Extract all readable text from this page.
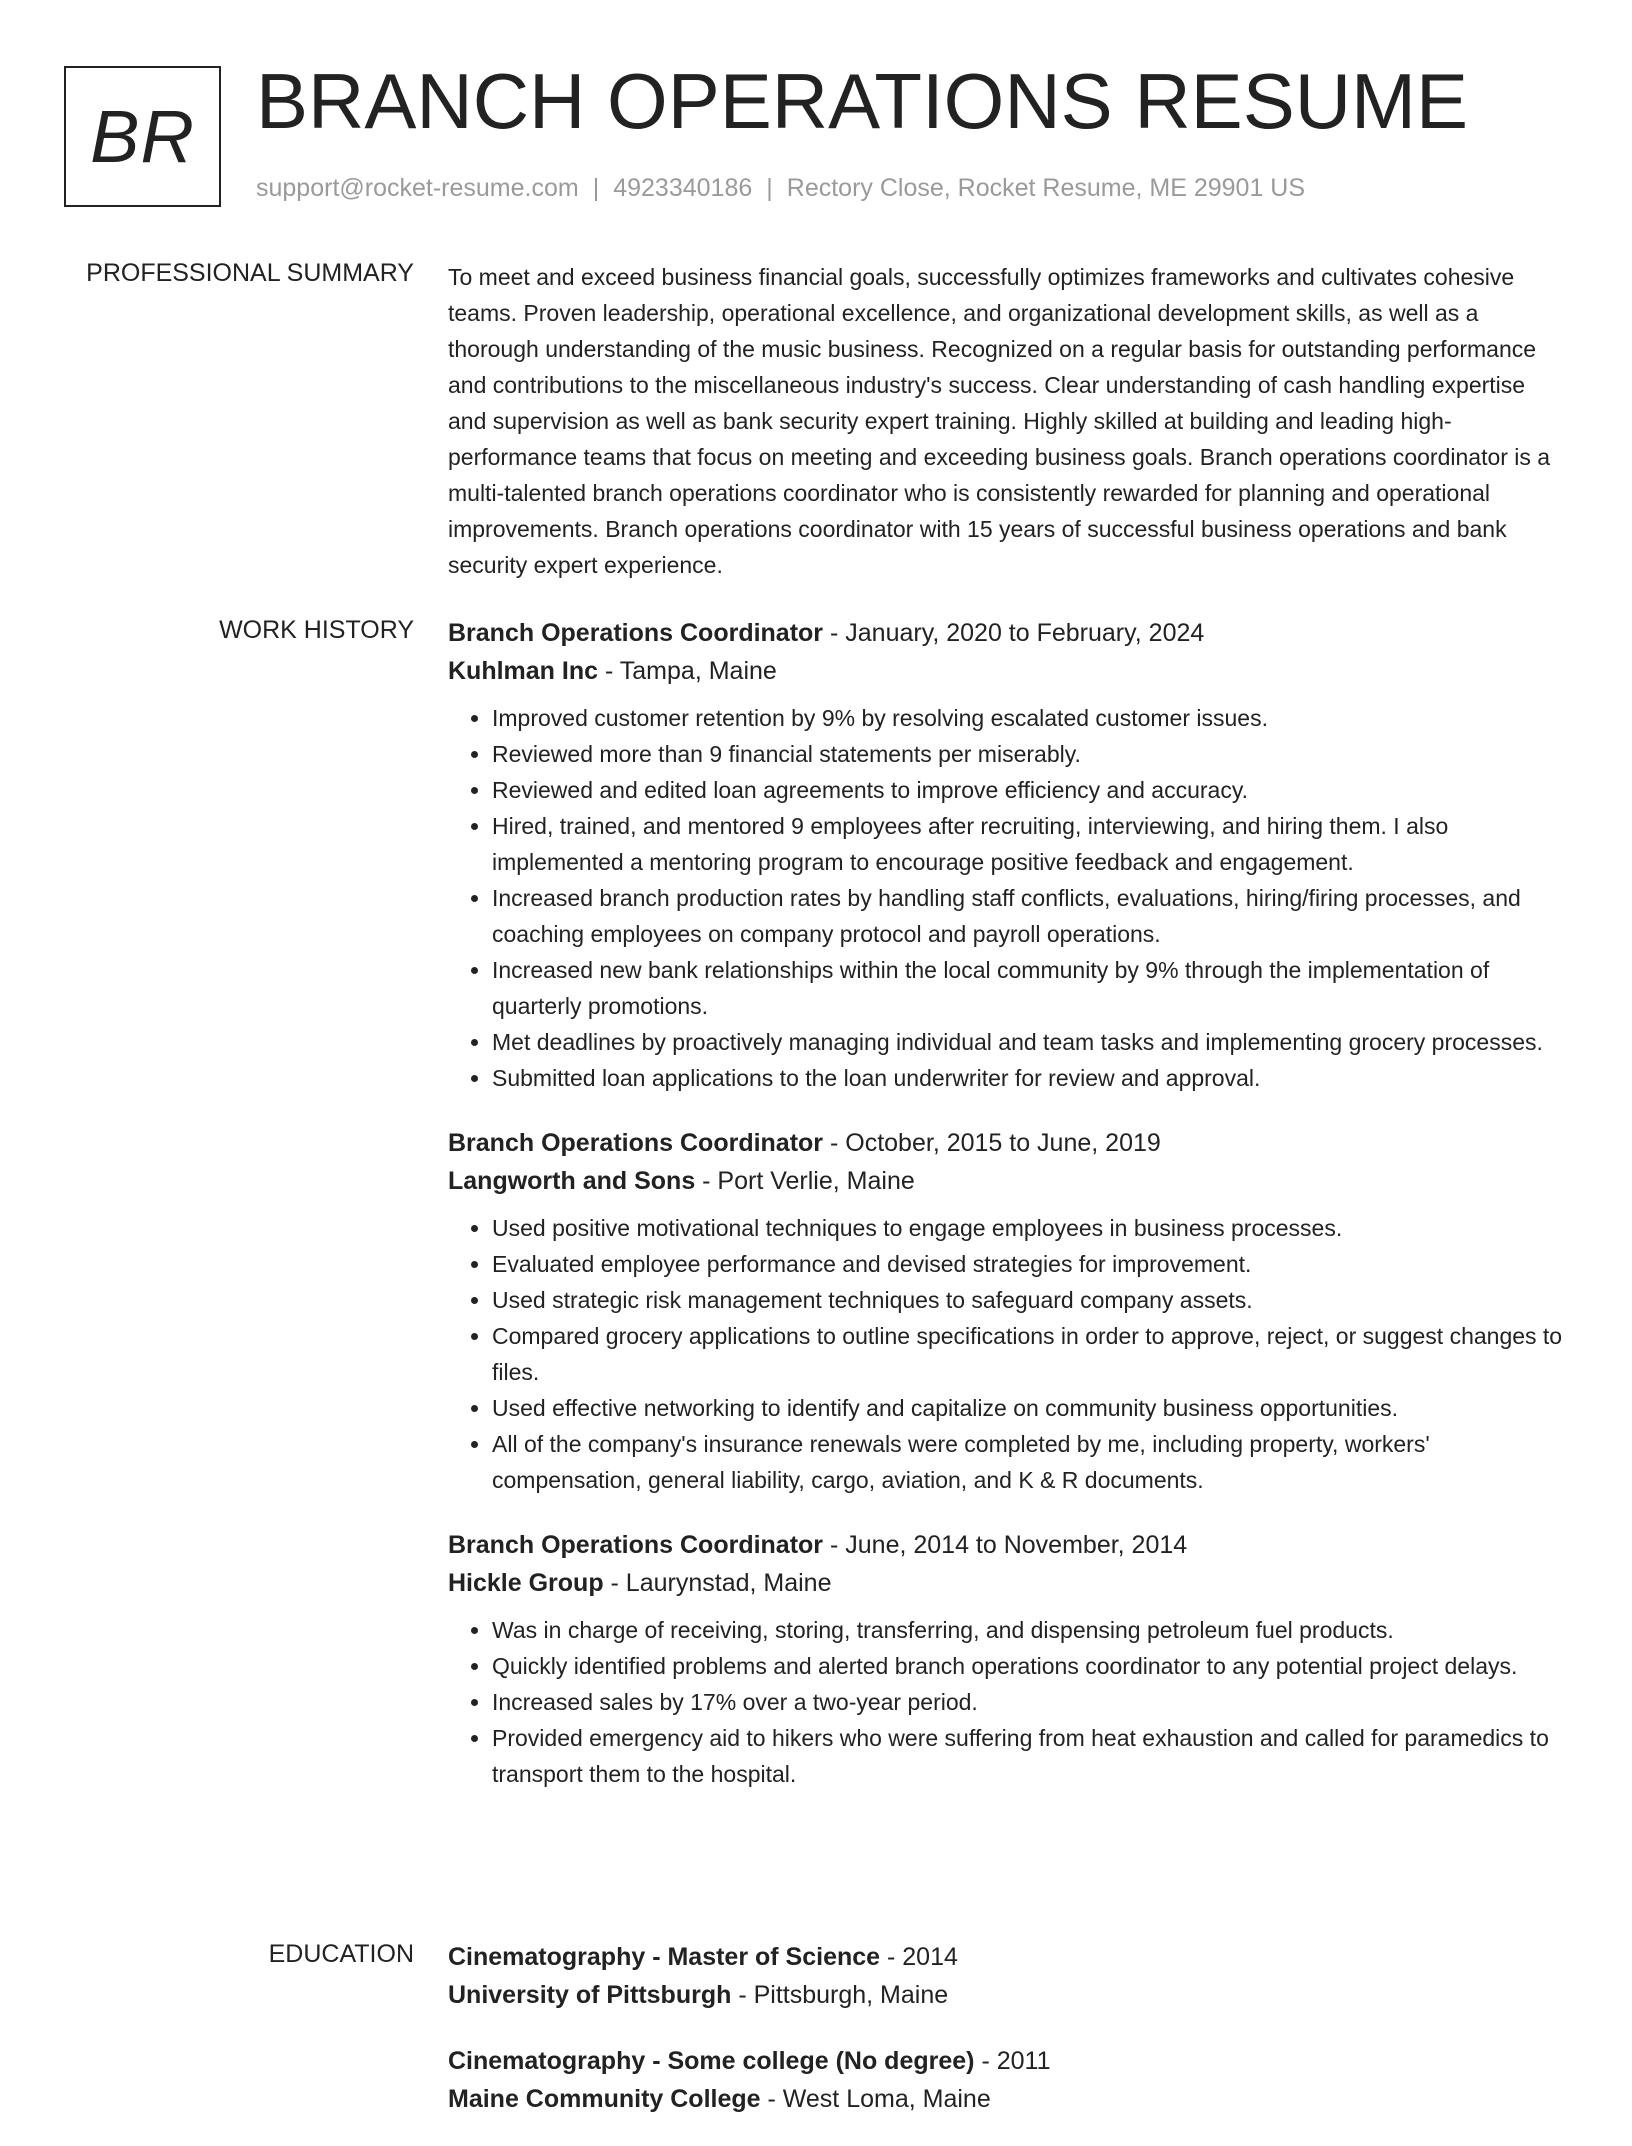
BR BRANCH OPERATIONS RESUME
support@rocket-resume.com | 4923340186 | Rectory Close, Rocket Resume, ME 29901 US
PROFESSIONAL SUMMARY To meet and exceed business financial goals, successfully optimizes frameworks and cultivates cohesive teams. Proven leadership, operational excellence, and organizational development skills, as well as a thorough understanding of the music business. Recognized on a regular basis for outstanding performance and contributions to the miscellaneous industry's success. Clear understanding of cash handling expertise and supervision as well as bank security expert training. Highly skilled at building and leading high-performance teams that focus on meeting and exceeding business goals. Branch operations coordinator is a multi-talented branch operations coordinator who is consistently rewarded for planning and operational improvements. Branch operations coordinator with 15 years of successful business operations and bank security expert experience.

WORK HISTORY Branch Operations Coordinator - January, 2020 to February, 2024
Kuhlman Inc - Tampa, Maine
• Improved customer retention by 9% by resolving escalated customer issues.
• Reviewed more than 9 financial statements per miserably.
• Reviewed and edited loan agreements to improve efficiency and accuracy.
• Hired, trained, and mentored 9 employees after recruiting, interviewing, and hiring them. I also implemented a mentoring program to encourage positive feedback and engagement.
• Increased branch production rates by handling staff conflicts, evaluations, hiring/firing processes, and coaching employees on company protocol and payroll operations.
• Increased new bank relationships within the local community by 9% through the implementation of quarterly promotions.
• Met deadlines by proactively managing individual and team tasks and implementing grocery processes.
• Submitted loan applications to the loan underwriter for review and approval.
Branch Operations Coordinator - October, 2015 to June, 2019
Langworth and Sons - Port Verlie, Maine
• Used positive motivational techniques to engage employees in business processes.
• Evaluated employee performance and devised strategies for improvement.
• Used strategic risk management techniques to safeguard company assets.
• Compared grocery applications to outline specifications in order to approve, reject, or suggest changes to files.
• Used effective networking to identify and capitalize on community business opportunities.
• All of the company's insurance renewals were completed by me, including property, workers' compensation, general liability, cargo, aviation, and K & R documents.
Branch Operations Coordinator - June, 2014 to November, 2014
Hickle Group - Laurynstad, Maine
• Was in charge of receiving, storing, transferring, and dispensing petroleum fuel products.
• Quickly identified problems and alerted branch operations coordinator to any potential project delays.
• Increased sales by 17% over a two-year period.
• Provided emergency aid to hikers who were suffering from heat exhaustion and called for paramedics to transport them to the hospital.
EDUCATION Cinematography - Master of Science - 2014
University of Pittsburgh - Pittsburgh, Maine
Cinematography - Some college (No degree) - 2011
Maine Community College - West Loma, Maine
